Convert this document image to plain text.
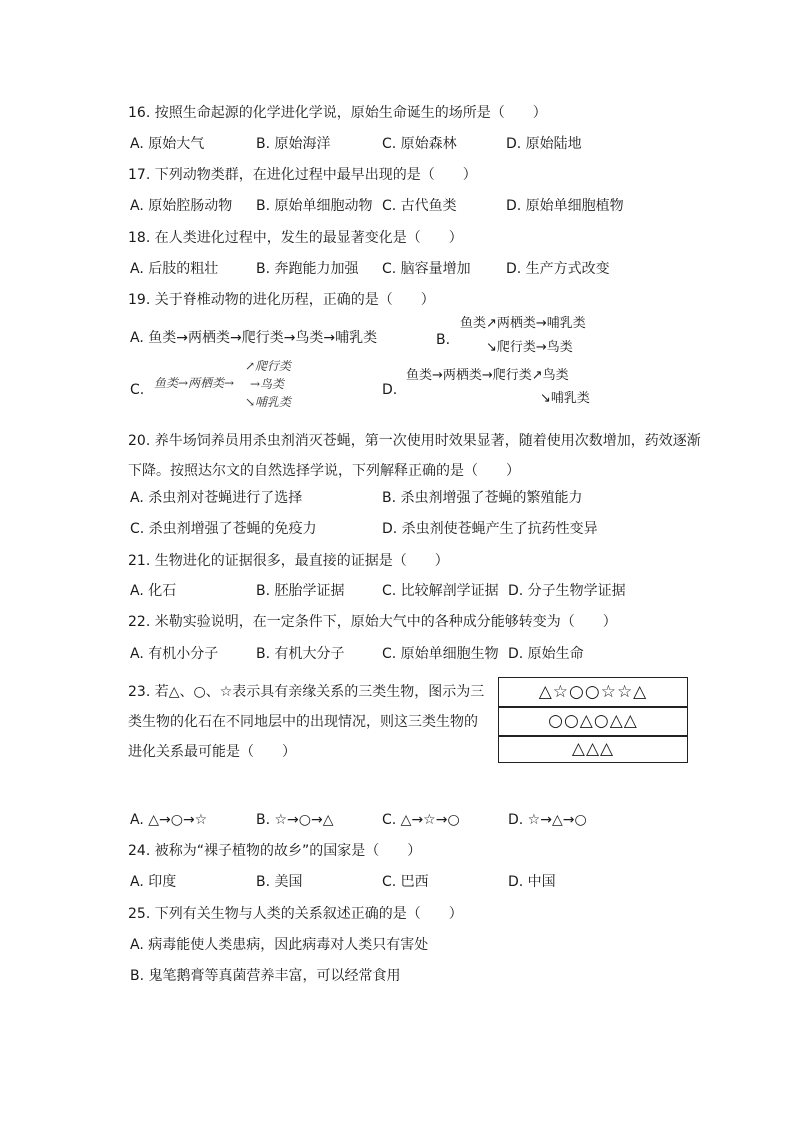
16. 按照生命起源的化学进化学说，原始生命诞生的场所是（　　）
A. 原始大气	B. 原始海洋	C. 原始森林	D. 原始陆地
17. 下列动物类群，在进化过程中最早出现的是（　　）
A. 原始腔肠动物 B. 原始单细胞动物 C. 古代鱼类	D. 原始单细胞植物
18. 在人类进化过程中，发生的最显著变化是（　　）
A. 后肢的粗壮	B. 奔跑能力加强 C. 脑容量增加	D. 生产方式改变
19. 关于脊椎动物的进化历程，正确的是（　　）
A. 鱼类→两栖类→爬行类→鸟类→哺乳类	B.
鱼类↗两栖类→哺乳类
↘爬行类→鸟类
C. 鱼类→两栖类→
↗爬行类
→鸟类
↘哺乳类
D.
鱼类→两栖类→爬行类↗鸟类
↘哺乳类
20. 养牛场饲养员用杀虫剂消灭苍蝇，第一次使用时效果显著，随着使用次数增加，药效逐渐下降。按照达尔文的自然选择学说，下列解释正确的是（　　）
A. 杀虫剂对苍蝇进行了选择	B. 杀虫剂增强了苍蝇的繁殖能力
C. 杀虫剂增强了苍蝇的免疫力	D. 杀虫剂使苍蝇产生了抗药性变异
21. 生物进化的证据很多，最直接的证据是（　　）
A. 化石	B. 胚胎学证据	C. 比较解剖学证据 D. 分子生物学证据
22. 米勒实验说明，在一定条件下，原始大气中的各种成分能够转变为（　　）
A. 有机小分子	B. 有机大分子	C. 原始单细胞生物 D. 原始生命
23. 若△、○、☆表示具有亲缘关系的三类生物，图示为三类生物的化石在不同地层中的出现情况，则这三类生物的进化关系最可能是（　　）
△☆○○☆☆△
○○△○△△
△△△
A. △→○→☆	B. ☆→○→△	C. △→☆→○	D. ☆→△→○
24. 被称为“裸子植物的故乡”的国家是（　　）
A. 印度	B. 美国	C. 巴西	D. 中国
25. 下列有关生物与人类的关系叙述正确的是（　　）
A. 病毒能使人类患病，因此病毒对人类只有害处
B. 鬼笔鹅膏等真菌营养丰富，可以经常食用
